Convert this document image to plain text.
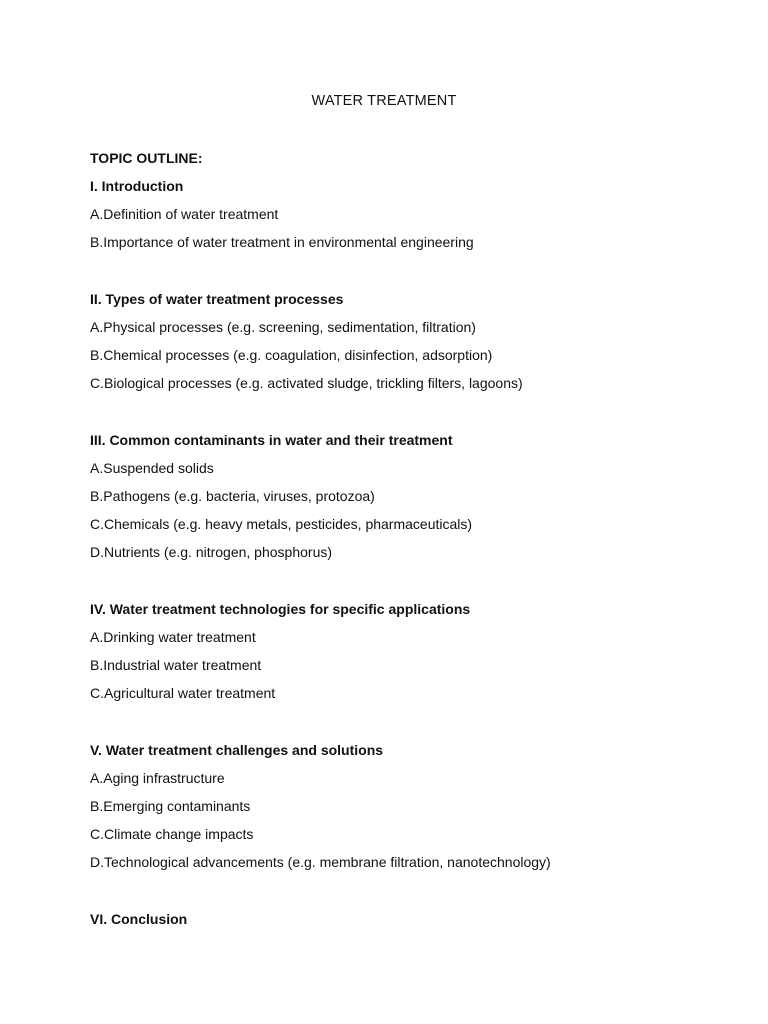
WATER TREATMENT
TOPIC OUTLINE:
I. Introduction
A.Definition of water treatment
B.Importance of water treatment in environmental engineering
II. Types of water treatment processes
A.Physical processes (e.g. screening, sedimentation, filtration)
B.Chemical processes (e.g. coagulation, disinfection, adsorption)
C.Biological processes (e.g. activated sludge, trickling filters, lagoons)
III. Common contaminants in water and their treatment
A.Suspended solids
B.Pathogens (e.g. bacteria, viruses, protozoa)
C.Chemicals (e.g. heavy metals, pesticides, pharmaceuticals)
D.Nutrients (e.g. nitrogen, phosphorus)
IV. Water treatment technologies for specific applications
A.Drinking water treatment
B.Industrial water treatment
C.Agricultural water treatment
V. Water treatment challenges and solutions
A.Aging infrastructure
B.Emerging contaminants
C.Climate change impacts
D.Technological advancements (e.g. membrane filtration, nanotechnology)
VI. Conclusion
